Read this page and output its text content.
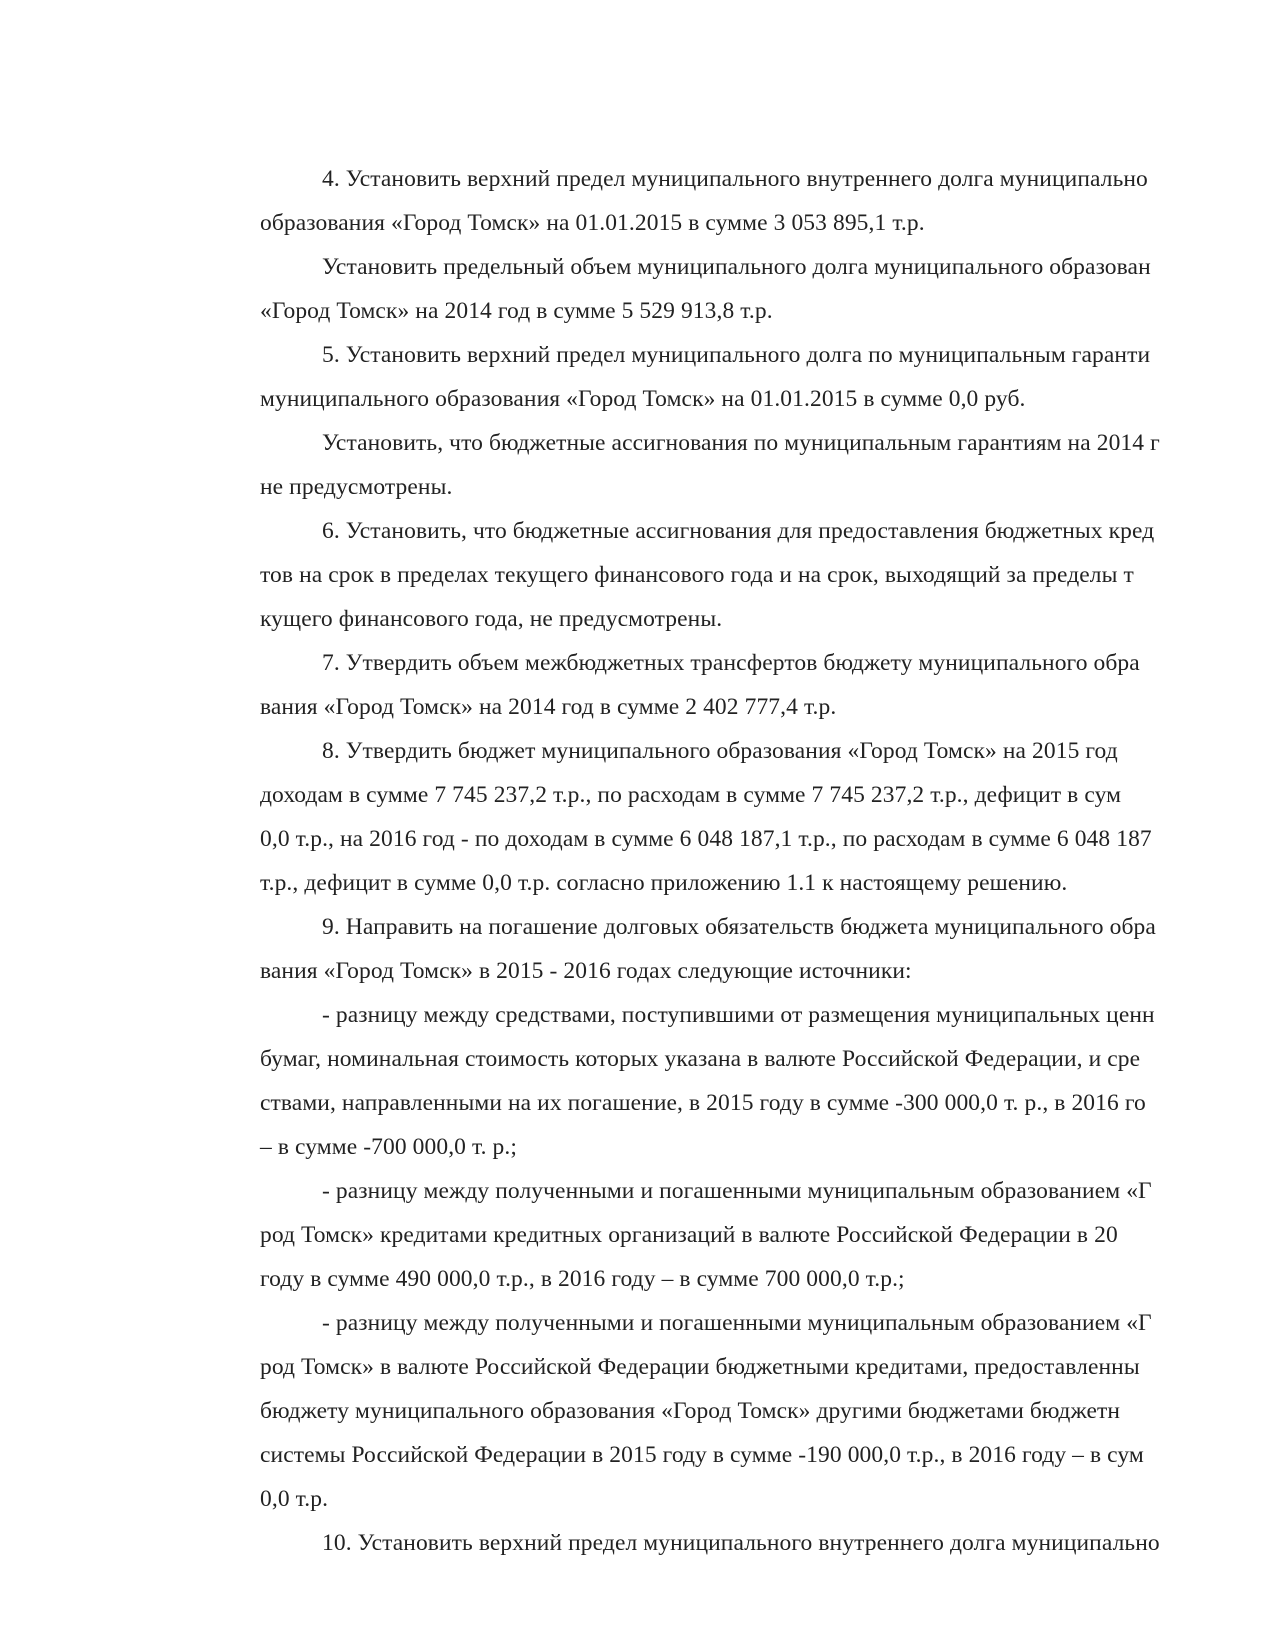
4. Установить верхний предел муниципального внутреннего долга муниципально
образования «Город Томск» на 01.01.2015 в сумме 3 053 895,1 т.р.
Установить предельный объем муниципального долга муниципального образован
«Город Томск» на 2014 год в сумме 5 529 913,8 т.р.
5. Установить верхний предел муниципального долга по муниципальным гаранти
муниципального образования «Город Томск» на 01.01.2015 в сумме 0,0 руб.
Установить, что бюджетные ассигнования по муниципальным гарантиям на 2014 г
не предусмотрены.
6. Установить, что бюджетные ассигнования для предоставления бюджетных кред
тов на срок в пределах текущего финансового года и на срок, выходящий за пределы т
кущего финансового года, не предусмотрены.
7. Утвердить объем межбюджетных трансфертов бюджету муниципального обра
вания «Город Томск» на 2014 год в сумме 2 402 777,4 т.р.
8. Утвердить бюджет муниципального образования «Город Томск» на 2015 год
доходам в сумме 7 745 237,2 т.р., по расходам в сумме 7 745 237,2 т.р., дефицит в сум
0,0 т.р., на 2016 год - по доходам в сумме 6 048 187,1 т.р., по расходам в сумме 6 048 187
т.р., дефицит в сумме 0,0 т.р. согласно приложению 1.1 к настоящему решению.
9. Направить на погашение долговых обязательств бюджета муниципального обра
вания «Город Томск» в 2015 - 2016 годах следующие источники:
- разницу между средствами, поступившими от размещения муниципальных ценн
бумаг, номинальная стоимость которых указана в валюте Российской Федерации, и сре
ствами, направленными на их погашение, в 2015 году в сумме -300 000,0 т. р., в 2016 го
– в сумме -700 000,0 т. р.;
- разницу между полученными и погашенными муниципальным образованием «Г
род Томск» кредитами кредитных организаций в валюте Российской Федерации в 20
году в сумме 490 000,0 т.р., в 2016 году – в сумме 700 000,0 т.р.;
- разницу между полученными и погашенными муниципальным образованием «Г
род Томск» в валюте Российской Федерации бюджетными кредитами, предоставленны
бюджету муниципального образования «Город Томск» другими бюджетами бюджетн
системы Российской Федерации в 2015 году в сумме -190 000,0 т.р., в 2016 году – в сум
0,0 т.р.
10. Установить верхний предел муниципального внутреннего долга муниципально
